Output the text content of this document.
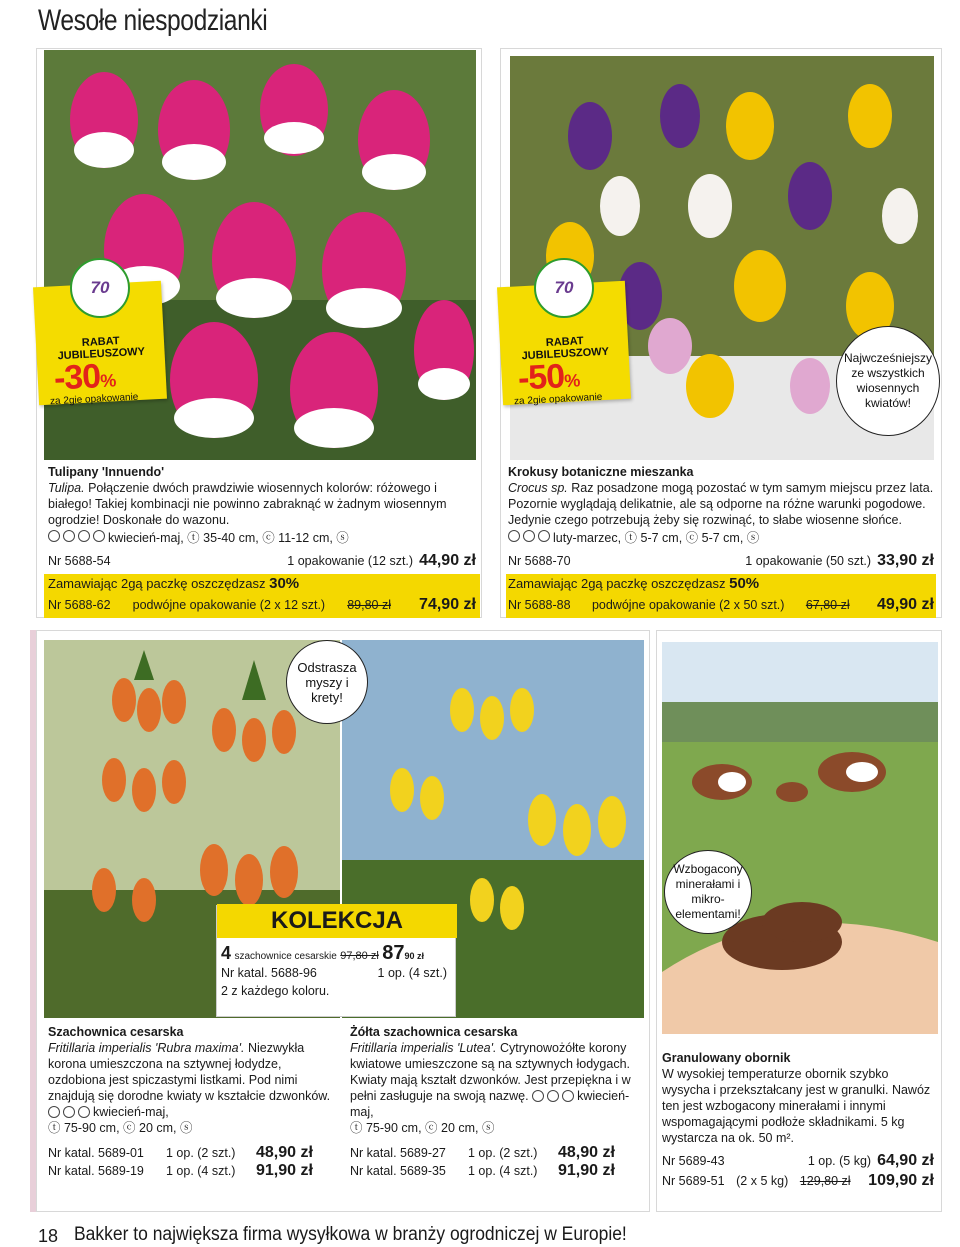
Wesołe niespodzianki
70
RABAT JUBILEUSZOWY
-30%
za 2gie opakowanie
Tulipany 'Innuendo'
Tulipa. Połączenie dwóch prawdziwie wiosennych kolorów: różowego i białego! Takiej kombinacji nie powinno zabraknąć w żadnym wiosennym ogrodzie! Doskonałe do wazonu.
kwiecień-maj, ⓣ 35-40 cm, ⓒ 11-12 cm, ⓢ
Nr 5688-54	1 opakowanie (12 szt.) 44,90 zł
Zamawiając 2gą paczkę oszczędzasz
30%
Nr 5688-62 podwójne opakowanie (2 x 12 szt.) 89,80 zł 74,90 zł
70
RABAT JUBILEUSZOWY
-50%
za 2gie opakowanie
Najwcześniejszy ze wszystkich wiosennych kwiatów!
Krokusy botaniczne mieszanka
Crocus sp. Raz posadzone mogą pozostać w tym samym miejscu przez lata. Pozornie wyglądają delikatnie, ale są odporne na różne warunki pogodowe. Jedynie czego potrzebują żeby się rozwinąć, to słabe wiosenne słońce.
luty-marzec, ⓣ 5-7 cm, ⓒ 5-7 cm, ⓢ
Nr 5688-70	1 opakowanie (50 szt.) 33,90 zł
Zamawiając 2gą paczkę oszczędzasz
50%
Nr 5688-88 podwójne opakowanie (2 x 50 szt.) 67,80 zł 49,90 zł
Odstrasza myszy i krety!
KOLEKCJA
4
szachownice cesarskie
97,80 zł
$87_{90 zł}$
Nr katal. 5688-96	1 op. (4 szt.)
2 z każdego koloru.
Szachownica cesarska
Fritillaria imperialis 'Rubra maxima'. Niezwykła korona umieszczona na sztywnej łodydze, ozdobiona jest spiczastymi listkami. Pod nimi znajdują się dorodne kwiaty w kształcie dzwonków. kwiecień-maj,
ⓣ 75-90 cm, ⓒ 20 cm, ⓢ
Nr katal. 5689-01	1 op. (2 szt.)	48,90 zł
Nr katal. 5689-19	1 op. (4 szt.)	91,90 zł
Żółta szachownica cesarska
Fritillaria imperialis 'Lutea'. Cytrynowożółte korony kwiatowe umieszczone są na sztywnych łodygach. Kwiaty mają kształt dzwonków. Jest przepiękna i w pełni zasługuje na swoją nazwę.	kwiecień-maj,
ⓣ 75-90 cm, ⓒ 20 cm, ⓢ
Nr katal. 5689-27	1 op. (2 szt.)	48,90 zł
Nr katal. 5689-35	1 op. (4 szt.)	91,90 zł
Wzbogacony minerałami i mikro-elementami!
Granulowany obornik
W wysokiej temperaturze obornik szybko wysycha i przekształcany jest w granulki. Nawóz ten jest wzbogacony minerałami i innymi wspomagającymi podłoże składnikami. 5 kg wystarcza na ok. 50 m².
Nr 5689-43	1 op. (5 kg) 64,90 zł
Nr 5689-51 (2 x 5 kg) 129,80 zł 109,90 zł
18 Bakker to największa firma wysyłkowa w branży ogrodniczej w Europie!
